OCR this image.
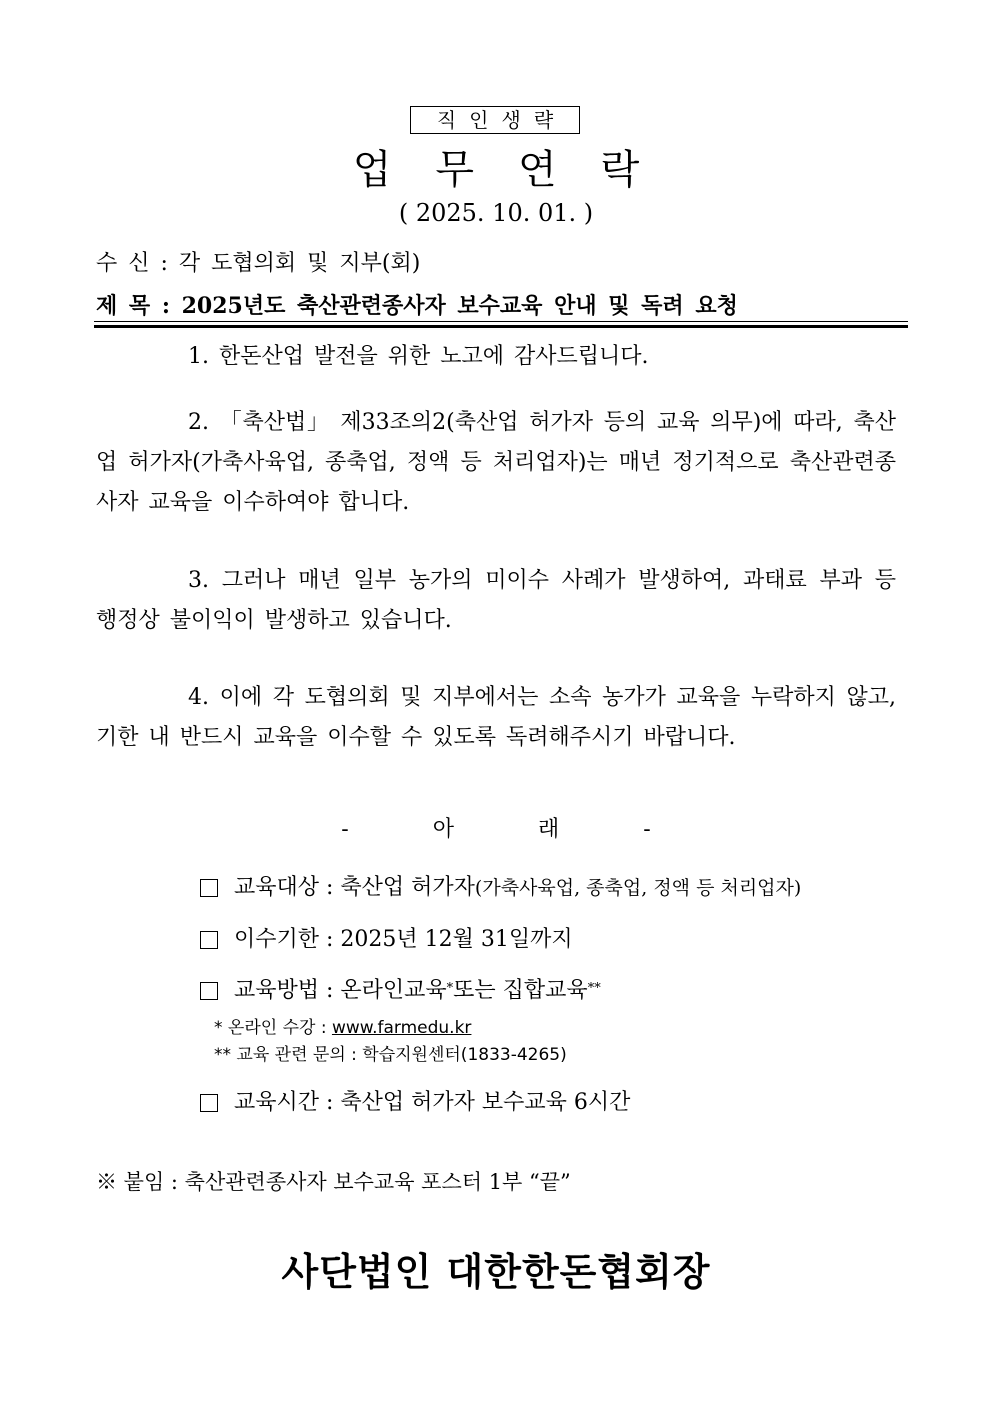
직인생략
업무연락
( 2025. 10. 01. )
수 신 : 각 도협의회 및 지부(회)
제 목 : 2025년도 축산관련종사자 보수교육 안내 및 독려 요청
1. 한돈산업 발전을 위한 노고에 감사드립니다.
2. 「축산법」 제33조의2(축산업 허가자 등의 교육 의무)에 따라, 축산업 허가자(가축사육업, 종축업, 정액 등 처리업자)는 매년 정기적으로 축산관련종사자 교육을 이수하여야 합니다.
3. 그러나 매년 일부 농가의 미이수 사례가 발생하여, 과태료 부과 등 행정상 불이익이 발생하고 있습니다.
4. 이에 각 도협의회 및 지부에서는 소속 농가가 교육을 누락하지 않고, 기한 내 반드시 교육을 이수할 수 있도록 독려해주시기 바랍니다.
-	아	래	-
교육대상 : 축산업 허가자 (가축사육업, 종축업, 정액 등 처리업자)
이수기한 : 2025년 12월 31일까지
교육방법 : 온라인교육* 또는 집합교육**
* 온라인 수강 : www.farmedu.kr
** 교육 관련 문의 : 학습지원센터(1833-4265)
교육시간 : 축산업 허가자 보수교육 6시간
※ 붙임 : 축산관련종사자 보수교육 포스터 1부 “끝”
사단법인 대한한돈협회장
